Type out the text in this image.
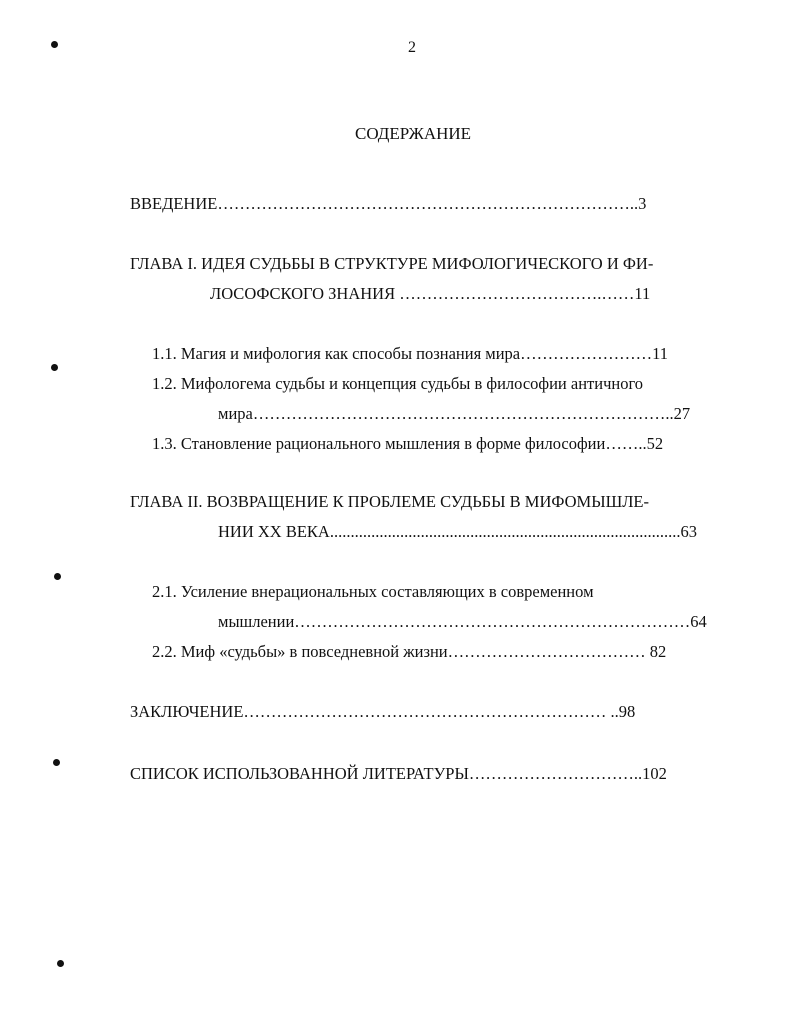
2
СОДЕРЖАНИЕ
ВВЕДЕНИЕ…………………………………………………………………..3
ГЛАВА I. ИДЕЯ СУДЬБЫ В СТРУКТУРЕ МИФОЛОГИЧЕСКОГО И ФИ-
ЛОСОФСКОГО ЗНАНИЯ ……………………………….……11
1.1. Магия и мифология как способы познания мира……………………11
1.2. Мифологема судьбы и концепция судьбы в философии античного
мира…………………………………………………………………..27
1.3. Становление рационального мышления в форме философии……..52
ГЛАВА II. ВОЗВРАЩЕНИЕ К ПРОБЛЕМЕ СУДЬБЫ В МИФОМЫШЛЕ-
НИИ XX ВЕКА.....................................................................................63
2.1. Усиление внерациональных составляющих в современном
мышлении………………………………………………………………64
2.2. Миф «судьбы» в повседневной жизни……………………………… 82
ЗАКЛЮЧЕНИЕ………………………………………………………… ..98
СПИСОК ИСПОЛЬЗОВАННОЙ ЛИТЕРАТУРЫ…………………………..102
